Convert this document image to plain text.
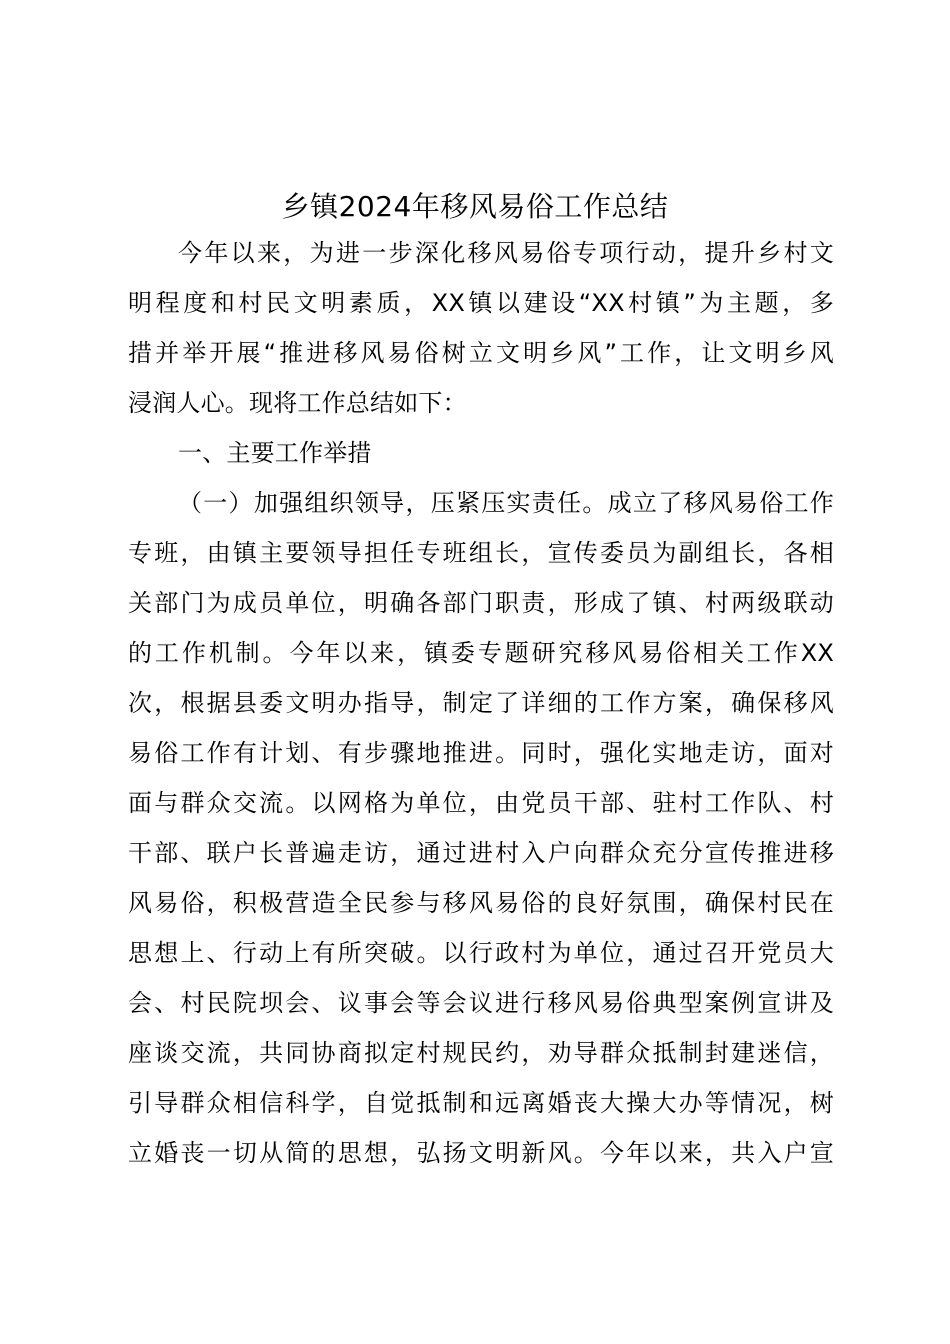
乡镇2024年移风易俗工作总结
今年以来，为进一步深化移风易俗专项行动，提升乡村文
明程度和村民文明素质，XX镇以建设“XX村镇”为主题，多
措并举开展“推进移风易俗树立文明乡风”工作，让文明乡风
浸润人心。现将工作总结如下：
一、主要工作举措
（一）加强组织领导，压紧压实责任。成立了移风易俗工作
专班，由镇主要领导担任专班组长，宣传委员为副组长，各相
关部门为成员单位，明确各部门职责，形成了镇、村两级联动
的工作机制。今年以来，镇委专题研究移风易俗相关工作XX
次，根据县委文明办指导，制定了详细的工作方案，确保移风
易俗工作有计划、有步骤地推进。同时，强化实地走访，面对
面与群众交流。以网格为单位，由党员干部、驻村工作队、村
干部、联户长普遍走访，通过进村入户向群众充分宣传推进移
风易俗，积极营造全民参与移风易俗的良好氛围，确保村民在
思想上、行动上有所突破。以行政村为单位，通过召开党员大
会、村民院坝会、议事会等会议进行移风易俗典型案例宣讲及
座谈交流，共同协商拟定村规民约，劝导群众抵制封建迷信，
引导群众相信科学，自觉抵制和远离婚丧大操大办等情况，树
立婚丧一切从简的思想，弘扬文明新风。今年以来，共入户宣
